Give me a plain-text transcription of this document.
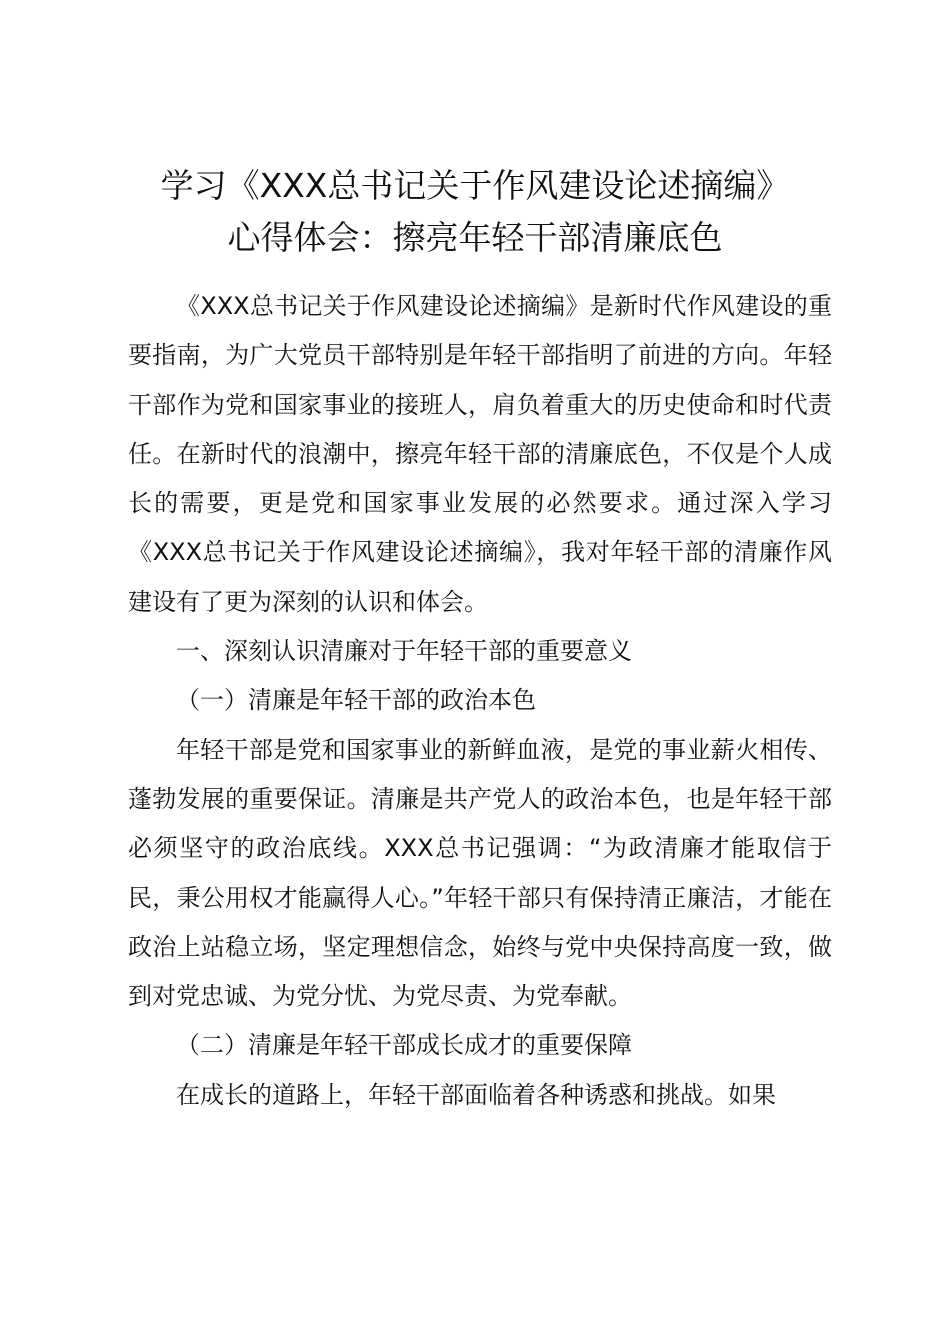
学习《XXX总书记关于作风建设论述摘编》
心得体会：擦亮年轻干部清廉底色

《XXX总书记关于作风建设论述摘编》是新时代作风建设的重要指南，为广大党员干部特别是年轻干部指明了前进的方向。年轻干部作为党和国家事业的接班人，肩负着重大的历史使命和时代责任。在新时代的浪潮中，擦亮年轻干部的清廉底色，不仅是个人成长的需要，更是党和国家事业发展的必然要求。通过深入学习《XXX总书记关于作风建设论述摘编》，我对年轻干部的清廉作风建设有了更为深刻的认识和体会。

一、深刻认识清廉对于年轻干部的重要意义

（一）清廉是年轻干部的政治本色

年轻干部是党和国家事业的新鲜血液，是党的事业薪火相传、蓬勃发展的重要保证。清廉是共产党人的政治本色，也是年轻干部必须坚守的政治底线。XXX总书记强调：“为政清廉才能取信于民，秉公用权才能赢得人心。”年轻干部只有保持清正廉洁，才能在政治上站稳立场，坚定理想信念，始终与党中央保持高度一致，做到对党忠诚、为党分忧、为党尽责、为党奉献。

（二）清廉是年轻干部成长成才的重要保障

在成长的道路上，年轻干部面临着各种诱惑和挑战。如果
